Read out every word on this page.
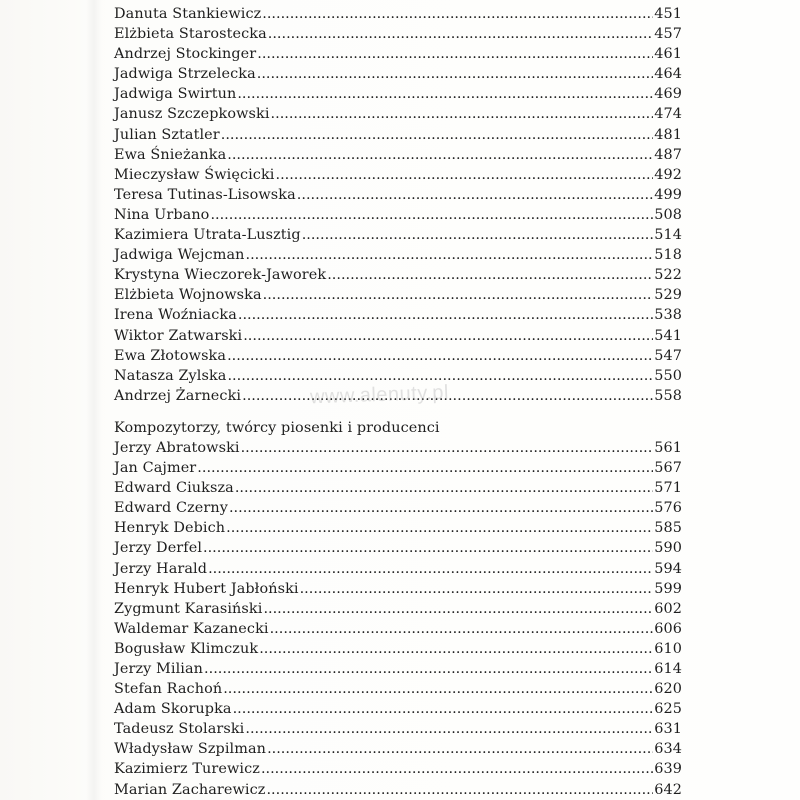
Danuta Stankiewicz .....	451
Elżbieta Starostecka .....	457
Andrzej Stockinger .....	461
Jadwiga Strzelecka .....	464
Jadwiga Swirtun .....	469
Janusz Szczepkowski .....	474
Julian Sztatler .....	481
Ewa Śnieżanka .....	487
Mieczysław Święcicki .....	492
Teresa Tutinas-Lisowska .....	499
Nina Urbano .....	508
Kazimiera Utrata-Lusztig .....	514
Jadwiga Wejcman .....	518
Krystyna Wieczorek-Jaworek .....	522
Elżbieta Wojnowska .....	529
Irena Woźniacka .....	538
Wiktor Zatwarski .....	541
Ewa Złotowska .....	547
Natasza Zylska .....	550
Andrzej Żarnecki .....	558
Kompozytorzy, twórcy piosenki i producenci
Jerzy Abratowski .....	561
Jan Cajmer .....	567
Edward Ciuksza .....	571
Edward Czerny .....	576
Henryk Debich .....	585
Jerzy Derfel .....	590
Jerzy Harald .....	594
Henryk Hubert Jabłoński .....	599
Zygmunt Karasiński .....	602
Waldemar Kazanecki .....	606
Bogusław Klimczuk .....	610
Jerzy Milian .....	614
Stefan Rachoń .....	620
Adam Skorupka .....	625
Tadeusz Stolarski .....	631
Władysław Szpilman .....	634
Kazimierz Turewicz .....	639
Marian Zacharewicz .....	642
www.alenuty.pl
